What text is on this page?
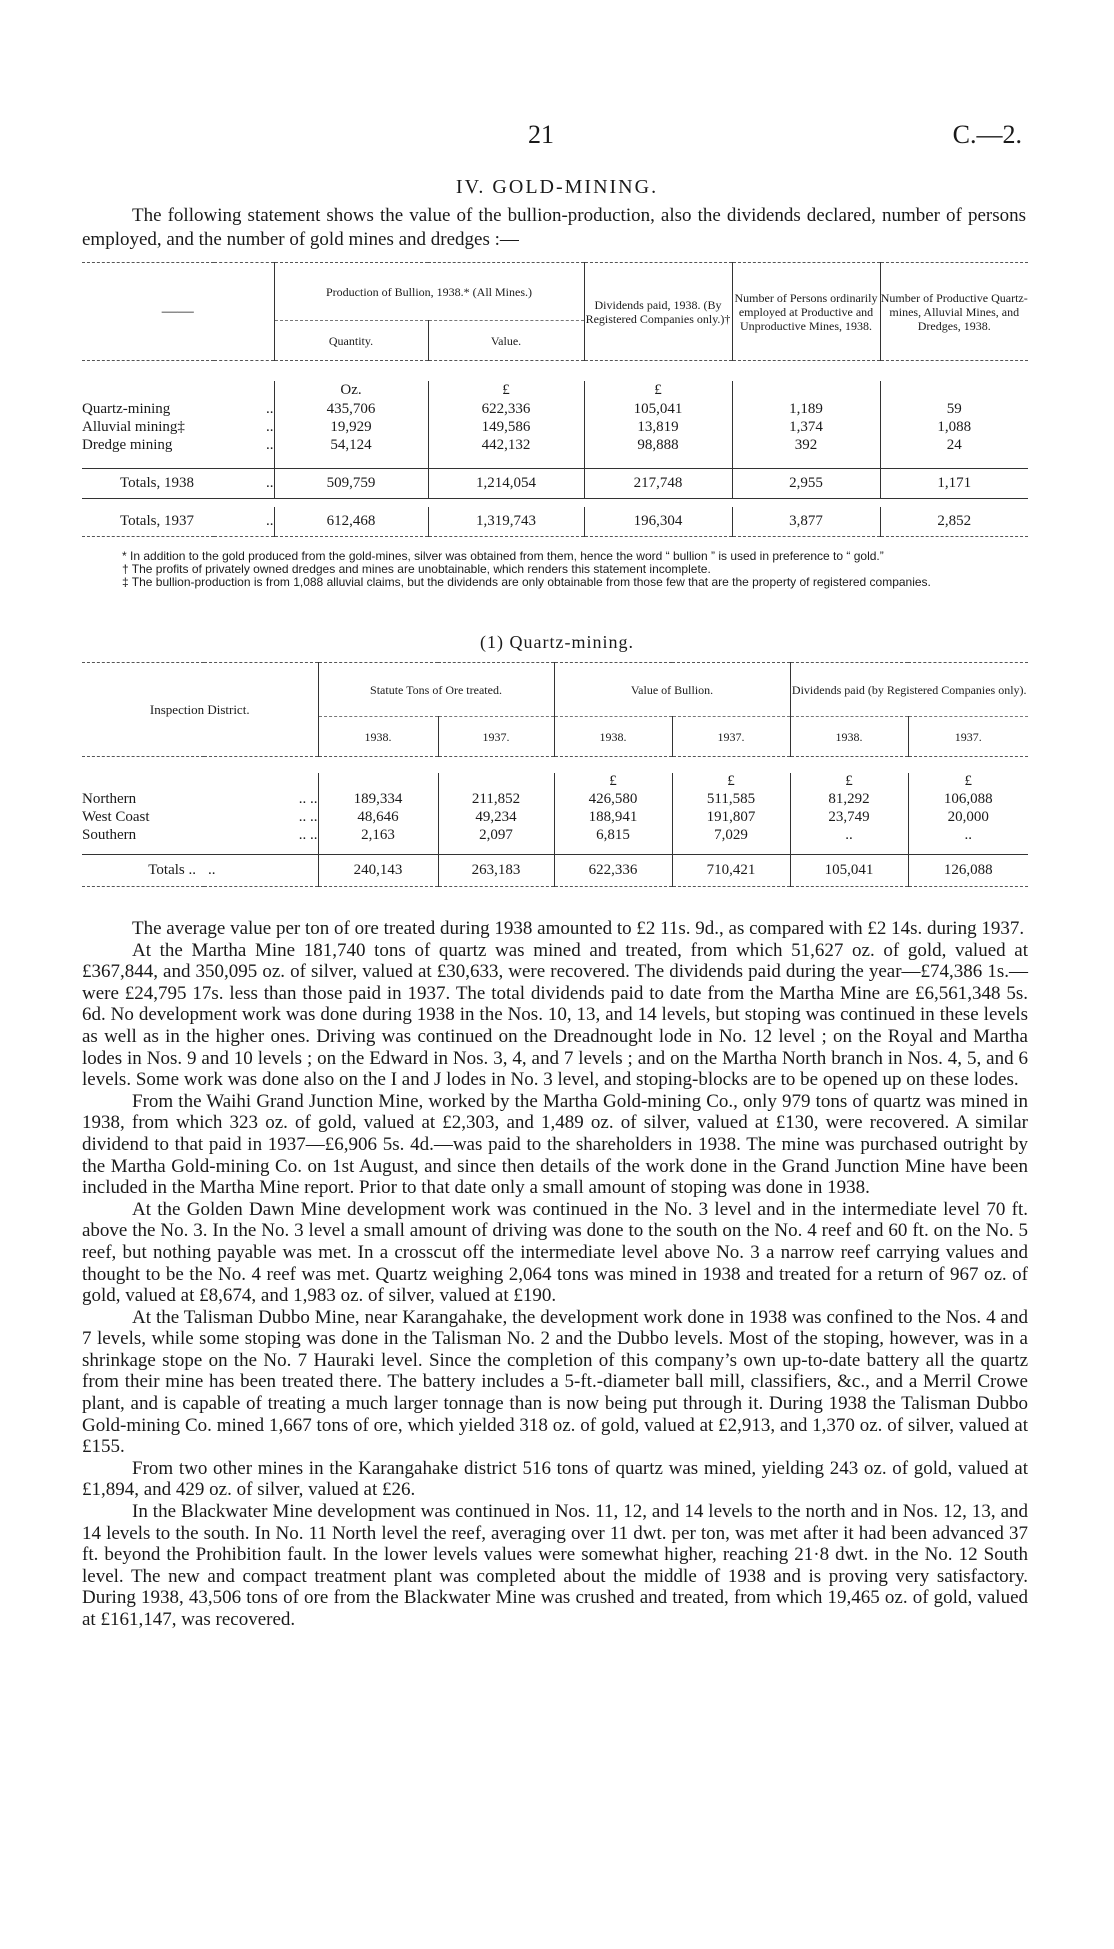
21	C.—2.
IV. GOLD-MINING.
The following statement shows the value of the bullion-production, also the dividends declared, number of persons employed, and the number of gold mines and dredges :—
——		Production of Bullion, 1938.* (All Mines.)		Dividends paid, 1938. (By Registered Companies only.)†	Number of Persons ordinarily employed at Productive and Unproductive Mines, 1938.	Number of Productive Quartz-mines, Alluvial Mines, and Dredges, 1938.
		Quantity.	Value.			

		Oz.	£	£		
Quartz-mining	..	435,706	622,336	105,041	1,189	59
Alluvial mining‡	..	19,929	149,586	13,819	1,374	1,088
Dredge mining	..	54,124	442,132	98,888	392	24

Totals, 1938	..	509,759	1,214,054	217,748	2,955	1,171

Totals, 1937	..	612,468	1,319,743	196,304	3,877	2,852

* In addition to the gold produced from the gold-mines, silver was obtained from them, hence the word “ bullion ” is used in preference to “ gold.”

† The profits of privately owned dredges and mines are unobtainable, which renders this statement incomplete.

‡ The bullion-production is from 1,088 alluvial claims, but the dividends are only obtainable from those few that are the property of registered companies.

(1) Quartz-mining.
Inspection District.		Statute Tons of Ore treated.		Value of Bullion.		Dividends paid (by Registered Companies only).	
		1938.	1937.	1938.	1937.	1938.	1937.

				£	£	£	£
Northern	.. ..	189,334	211,852	426,580	511,585	81,292	106,088
West Coast	.. ..	48,646	49,234	188,941	191,807	23,749	20,000
Southern	.. ..	2,163	2,097	6,815	7,029	..	..

Totals ..	..	240,143	263,183	622,336	710,421	105,041	126,088

The average value per ton of ore treated during 1938 amounted to £2 11s. 9d., as compared with £2 14s. during 1937.

At the Martha Mine 181,740 tons of quartz was mined and treated, from which 51,627 oz. of gold, valued at £367,844, and 350,095 oz. of silver, valued at £30,633, were recovered. The dividends paid during the year—£74,386 1s.—were £24,795 17s. less than those paid in 1937. The total dividends paid to date from the Martha Mine are £6,561,348 5s. 6d. No development work was done during 1938 in the Nos. 10, 13, and 14 levels, but stoping was continued in these levels as well as in the higher ones. Driving was continued on the Dreadnought lode in No. 12 level ; on the Royal and Martha lodes in Nos. 9 and 10 levels ; on the Edward in Nos. 3, 4, and 7 levels ; and on the Martha North branch in Nos. 4, 5, and 6 levels. Some work was done also on the I and J lodes in No. 3 level, and stoping-blocks are to be opened up on these lodes.

From the Waihi Grand Junction Mine, worked by the Martha Gold-mining Co., only 979 tons of quartz was mined in 1938, from which 323 oz. of gold, valued at £2,303, and 1,489 oz. of silver, valued at £130, were recovered. A similar dividend to that paid in 1937—£6,906 5s. 4d.—was paid to the shareholders in 1938. The mine was purchased outright by the Martha Gold-mining Co. on 1st August, and since then details of the work done in the Grand Junction Mine have been included in the Martha Mine report. Prior to that date only a small amount of stoping was done in 1938.

At the Golden Dawn Mine development work was continued in the No. 3 level and in the intermediate level 70 ft. above the No. 3. In the No. 3 level a small amount of driving was done to the south on the No. 4 reef and 60 ft. on the No. 5 reef, but nothing payable was met. In a crosscut off the intermediate level above No. 3 a narrow reef carrying values and thought to be the No. 4 reef was met. Quartz weighing 2,064 tons was mined in 1938 and treated for a return of 967 oz. of gold, valued at £8,674, and 1,983 oz. of silver, valued at £190.

At the Talisman Dubbo Mine, near Karangahake, the development work done in 1938 was confined to the Nos. 4 and 7 levels, while some stoping was done in the Talisman No. 2 and the Dubbo levels. Most of the stoping, however, was in a shrinkage stope on the No. 7 Hauraki level. Since the completion of this company’s own up-to-date battery all the quartz from their mine has been treated there. The battery includes a 5-ft.-diameter ball mill, classifiers, &c., and a Merril Crowe plant, and is capable of treating a much larger tonnage than is now being put through it. During 1938 the Talisman Dubbo Gold-mining Co. mined 1,667 tons of ore, which yielded 318 oz. of gold, valued at £2,913, and 1,370 oz. of silver, valued at £155.

From two other mines in the Karangahake district 516 tons of quartz was mined, yielding 243 oz. of gold, valued at £1,894, and 429 oz. of silver, valued at £26.

In the Blackwater Mine development was continued in Nos. 11, 12, and 14 levels to the north and in Nos. 12, 13, and 14 levels to the south. In No. 11 North level the reef, averaging over 11 dwt. per ton, was met after it had been advanced 37 ft. beyond the Prohibition fault. In the lower levels values were somewhat higher, reaching 21·8 dwt. in the No. 12 South level. The new and compact treatment plant was completed about the middle of 1938 and is proving very satisfactory. During 1938, 43,506 tons of ore from the Blackwater Mine was crushed and treated, from which 19,465 oz. of gold, valued at £161,147, was recovered.
